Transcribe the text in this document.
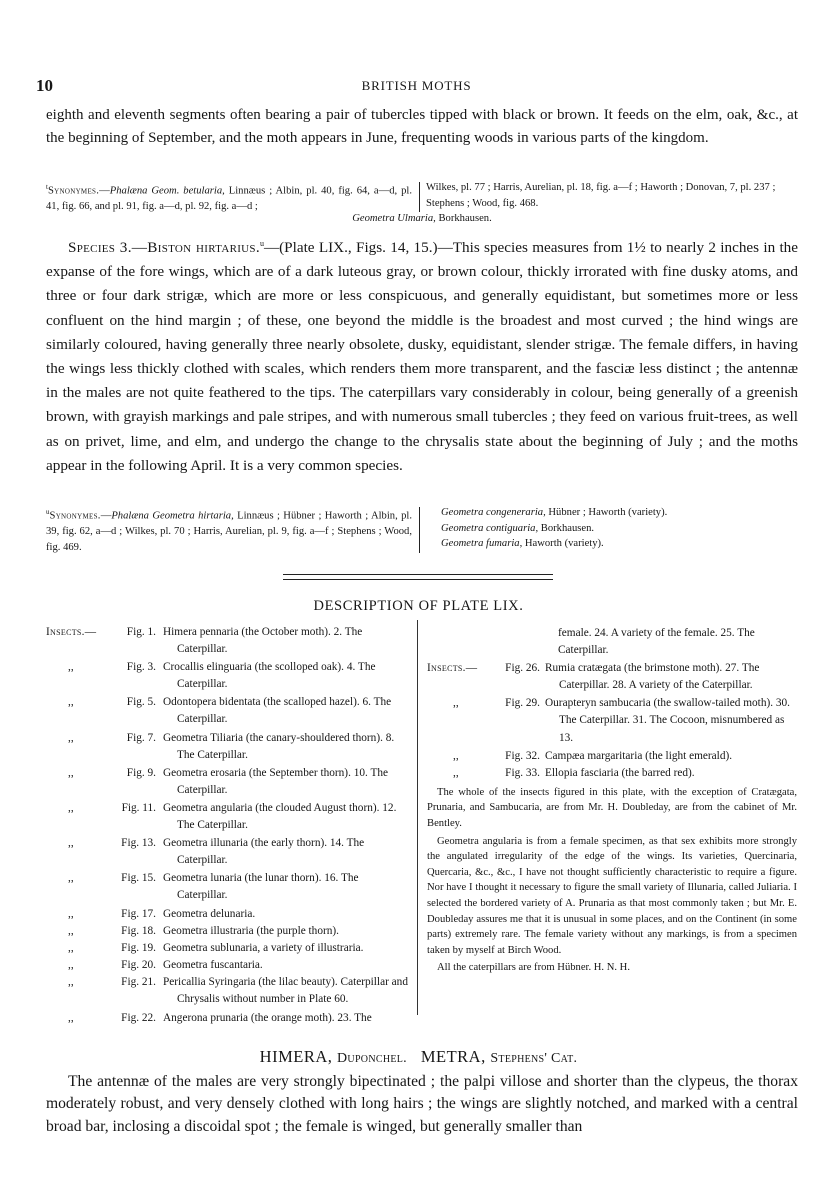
10	BRITISH MOTHS

eighth and eleventh segments often bearing a pair of tubercles tipped with black or brown. It feeds on the elm, oak, &c., at the beginning of September, and the moth appears in June, frequenting woods in various parts of the kingdom.

$^t$Synonymes.—Phalæna Geom. betularia, Linnæus ; Albin, pl. 40, fig. 64, a—d, pl. 41, fig. 66, and pl. 91, fig. a—d, pl. 92, fig. a—d ;
Wilkes, pl. 77 ; Harris, Aurelian, pl. 18, fig. a—f ; Haworth ; Donovan, 7, pl. 237 ; Stephens ; Wood, fig. 468.
Geometra Ulmaria, Borkhausen.

Species 3.—Biston hirtarius.$^u$—(Plate LIX., Figs. 14, 15.)—This species measures from 1½ to nearly 2 inches in the expanse of the fore wings, which are of a dark luteous gray, or brown colour, thickly irrorated with fine dusky atoms, and three or four dark strigæ, which are more or less conspicuous, and generally equidistant, but sometimes more or less confluent on the hind margin ; of these, one beyond the middle is the broadest and most curved ; the hind wings are similarly coloured, having generally three nearly obsolete, dusky, equidistant, slender strigæ. The female differs, in having the wings less thickly clothed with scales, which renders them more transparent, and the fasciæ less distinct ; the antennæ in the males are not quite feathered to the tips. The caterpillars vary considerably in colour, being generally of a greenish brown, with grayish markings and pale stripes, and with numerous small tubercles ; they feed on various fruit-trees, as well as on privet, lime, and elm, and undergo the change to the chrysalis state about the beginning of July ; and the moths appear in the following April. It is a very common species.

$^u$Synonymes.—Phalæna Geometra hirtaria, Linnæus ; Hübner ; Haworth ; Albin, pl. 39, fig. 62, a—d ; Wilkes, pl. 70 ; Harris, Aurelian, pl. 9, fig. a—f ; Stephens ; Wood, fig. 469.
Geometra congeneraria, Hübner ; Haworth (variety).
Geometra contiguaria, Borkhausen.
Geometra fumaria, Haworth (variety).
DESCRIPTION OF PLATE LIX.
Insects.—	Fig. 1. Himera pennaria (the October moth). 2. The Caterpillar.
,,	Fig. 3. Crocallis elinguaria (the scolloped oak). 4. The Caterpillar.
,,	Fig. 5. Odontopera bidentata (the scalloped hazel). 6. The Caterpillar.
,,	Fig. 7. Geometra Tiliaria (the canary-shouldered thorn). 8. The Caterpillar.
,,	Fig. 9. Geometra erosaria (the September thorn). 10. The Caterpillar.
,,	Fig. 11. Geometra angularia (the clouded August thorn). 12. The Caterpillar.
,,	Fig. 13. Geometra illunaria (the early thorn). 14. The Caterpillar.
,,	Fig. 15. Geometra lunaria (the lunar thorn). 16. The Caterpillar.
,,	Fig. 17. Geometra delunaria.
,,	Fig. 18. Geometra illustraria (the purple thorn).
,,	Fig. 19. Geometra sublunaria, a variety of illustraria.
,,	Fig. 20. Geometra fuscantaria.
,,	Fig. 21. Pericallia Syringaria (the lilac beauty). Caterpillar and Chrysalis without number in Plate 60.
,,	Fig. 22. Angerona prunaria (the orange moth). 23. The
female. 24. A variety of the female. 25. The Caterpillar.
Insects.— Fig. 26. Rumia cratægata (the brimstone moth). 27. The Caterpillar. 28. A variety of the Caterpillar.
,,	Fig. 29. Ourapteryn sambucaria (the swallow-tailed moth). 30. The Caterpillar. 31. The Cocoon, misnumbered as 13.
,,	Fig. 32. Campæa margaritaria (the light emerald).
,,	Fig. 33. Ellopia fasciaria (the barred red).

The whole of the insects figured in this plate, with the exception of Cratægata, Prunaria, and Sambucaria, are from Mr. H. Doubleday, are from the cabinet of Mr. Bentley.

Geometra angularia is from a female specimen, as that sex exhibits more strongly the angulated irregularity of the edge of the wings. Its varieties, Quercinaria, Quercaria, &c., &c., I have not thought sufficiently characteristic to require a figure. Nor have I thought it necessary to figure the small variety of Illunaria, called Juliaria. I selected the bordered variety of A. Prunaria as that most commonly taken ; but Mr. E. Doubleday assures me that it is unusual in some places, and on the Continent (in some parts) extremely rare. The female variety without any markings, is from a specimen taken by myself at Birch Wood.

All the caterpillars are from Hübner. H. N. H.

HIMERA, Duponchel. METRA, Stephens' Cat.

The antennæ of the males are very strongly bipectinated ; the palpi villose and shorter than the clypeus, the thorax moderately robust, and very densely clothed with long hairs ; the wings are slightly notched, and marked with a central broad bar, inclosing a discoidal spot ; the female is winged, but generally smaller than
